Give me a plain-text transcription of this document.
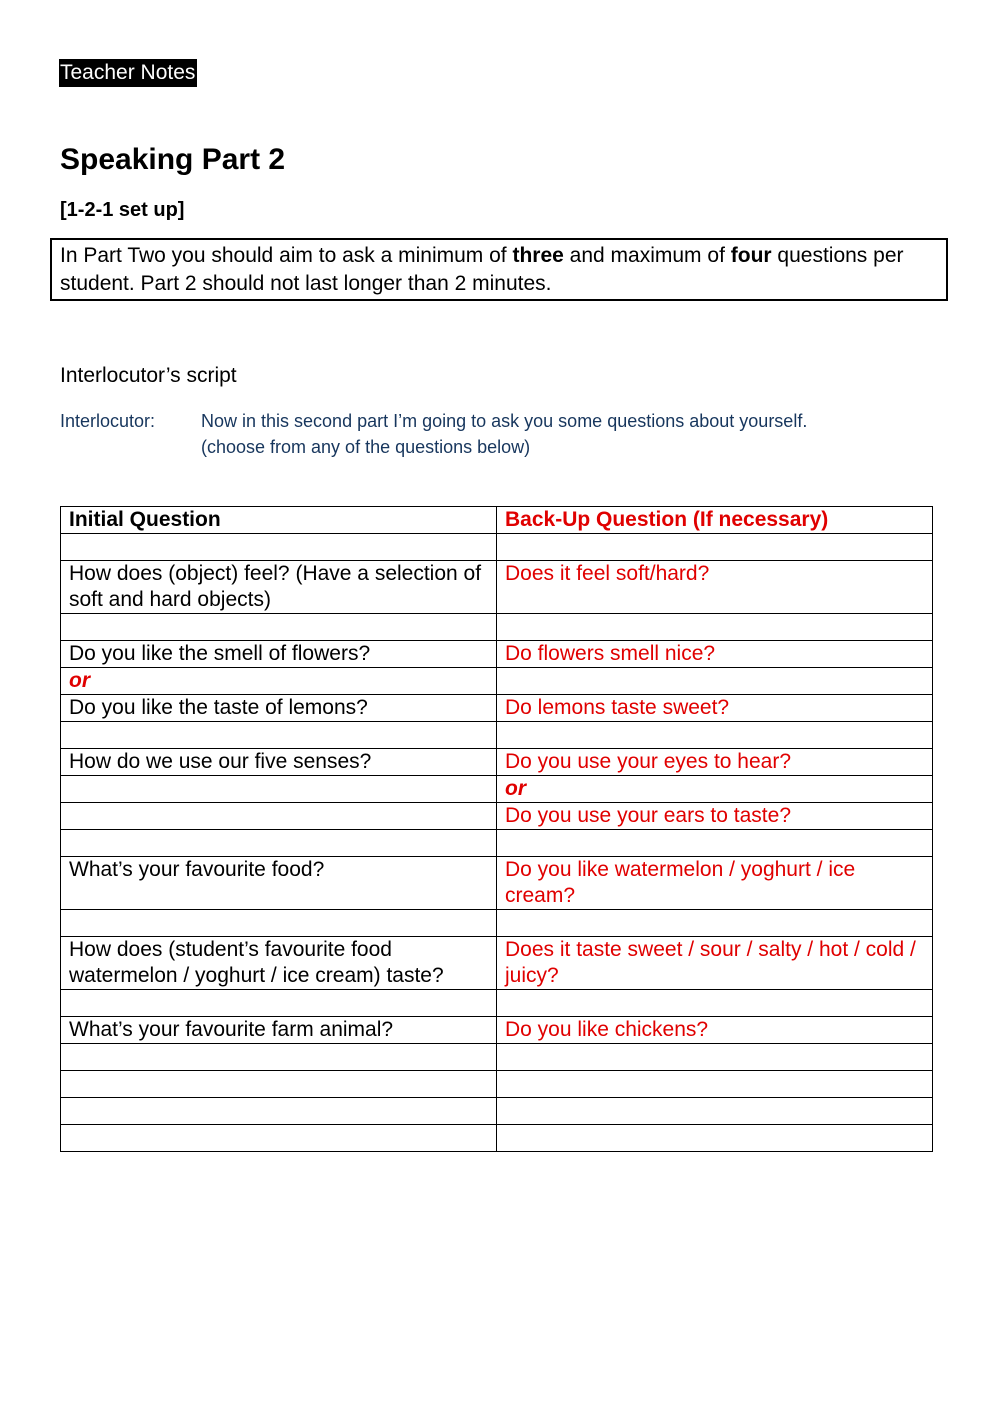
Teacher Notes
Speaking Part 2
[1-2-1 set up]
In Part Two you should aim to ask a minimum of three and maximum of four questions per student. Part 2 should not last longer than 2 minutes.
Interlocutor’s script
Interlocutor:	Now in this second part I’m going to ask you some questions about yourself.
(choose from any of the questions below)
Initial Question	Back-Up Question (If necessary)

How does (object) feel? (Have a selection of soft and hard objects)	Does it feel soft/hard?

Do you like the smell of flowers?	Do flowers smell nice?
or	
Do you like the taste of lemons?	Do lemons taste sweet?

How do we use our five senses?	Do you use your eyes to hear?
	or
	Do you use your ears to taste?

What’s your favourite food?	Do you like watermelon / yoghurt / ice cream?

How does (student’s favourite food watermelon / yoghurt / ice cream) taste?	Does it taste sweet / sour / salty / hot / cold / juicy?

What’s your favourite farm animal?	Do you like chickens?
